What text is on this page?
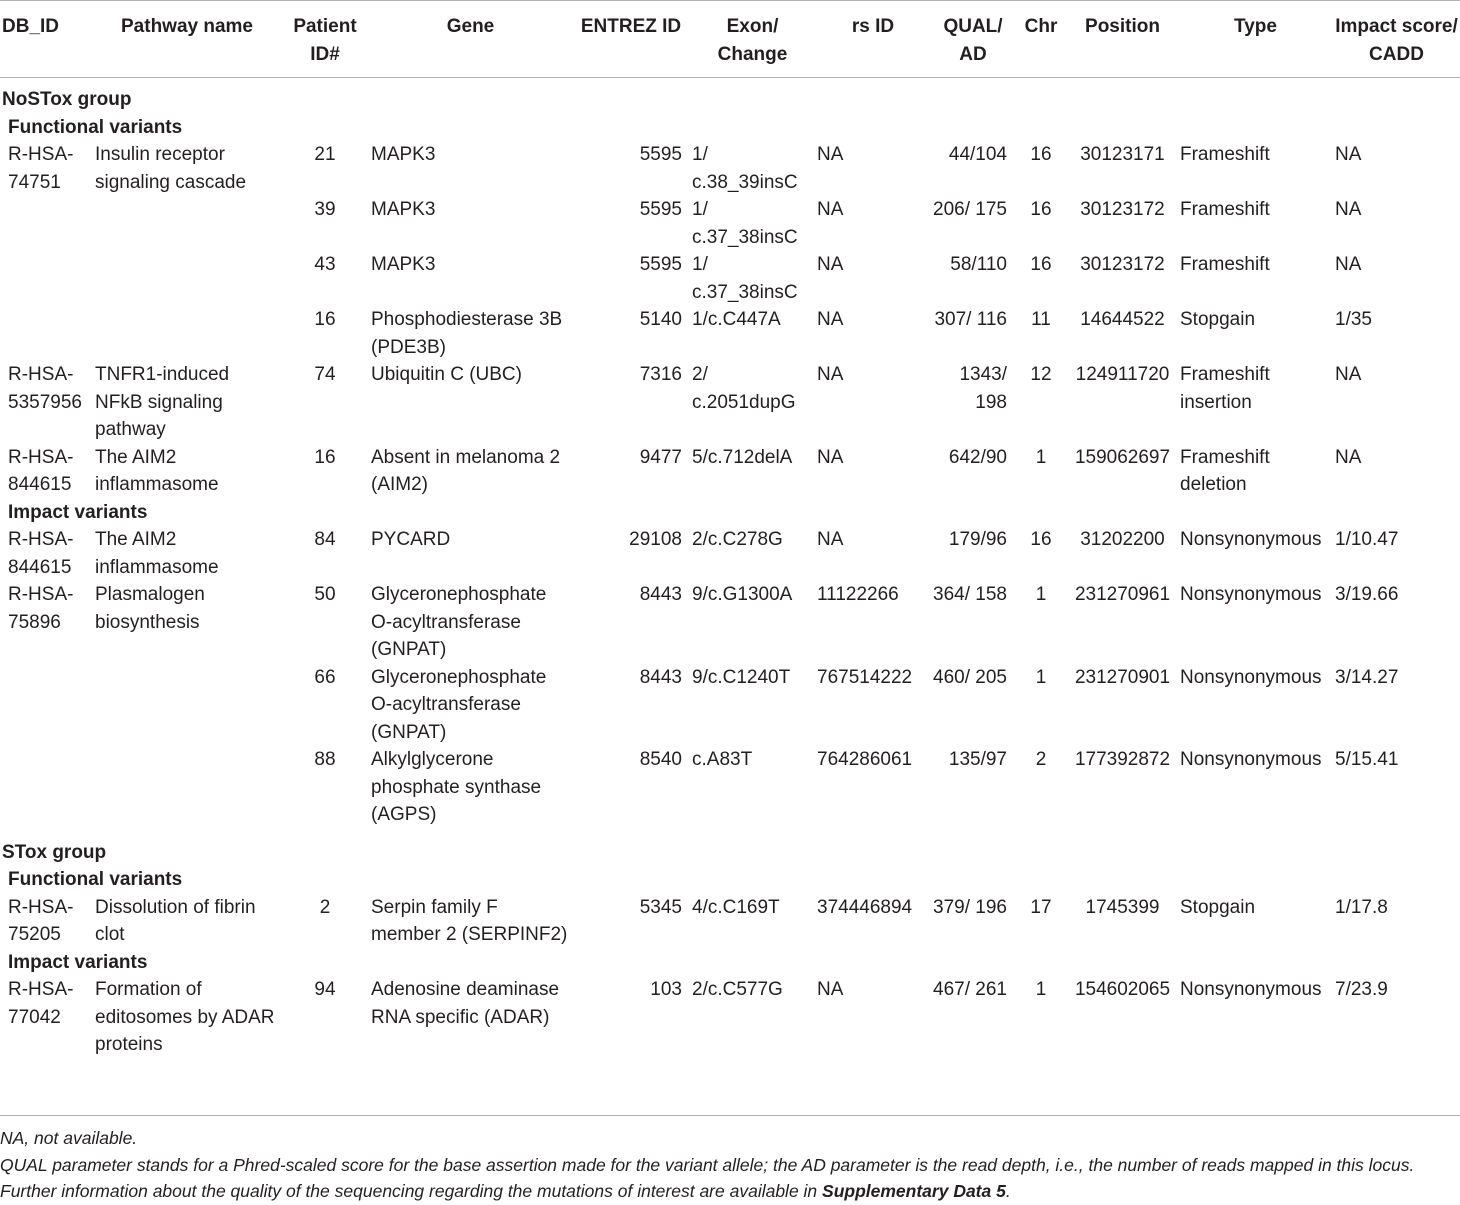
DB_ID	Pathway name	Patient ID#	Gene	ENTREZ ID	Exon/ Change	rs ID	QUAL/ AD	Chr	Position	Type	Impact score/ CADD
NoSTox group											
Functional variants											
R-HSA-74751	Insulin receptor signaling cascade	21	MAPK3	5595	1/ c.38_39insC	NA	44/104	16	30123171	Frameshift	NA
		39	MAPK3	5595	1/ c.37_38insC	NA	206/ 175	16	30123172	Frameshift	NA
		43	MAPK3	5595	1/ c.37_38insC	NA	58/110	16	30123172	Frameshift	NA
		16	Phosphodiesterase 3B (PDE3B)	5140	1/c.C447A	NA	307/ 116	11	14644522	Stopgain	1/35
R-HSA-5357956	TNFR1-induced NFkB signaling pathway	74	Ubiquitin C (UBC)	7316	2/ c.2051dupG	NA	1343/ 198	12	124911720	Frameshift insertion	NA
R-HSA-844615	The AIM2 inflammasome	16	Absent in melanoma 2 (AIM2)	9477	5/c.712delA	NA	642/90	1	159062697	Frameshift deletion	NA
Impact variants											
R-HSA-844615	The AIM2 inflammasome	84	PYCARD	29108	2/c.C278G	NA	179/96	16	31202200	Nonsynonymous	1/10.47
R-HSA-75896	Plasmalogen biosynthesis	50	Glyceronephosphate O-acyltransferase (GNPAT)	8443	9/c.G1300A	11122266	364/ 158	1	231270961	Nonsynonymous	3/19.66
		66	Glyceronephosphate O-acyltransferase (GNPAT)	8443	9/c.C1240T	767514222	460/ 205	1	231270901	Nonsynonymous	3/14.27
		88	Alkylglycerone phosphate synthase (AGPS)	8540	c.A83T	764286061	135/97	2	177392872	Nonsynonymous	5/15.41

STox group											
Functional variants											
R-HSA-75205	Dissolution of fibrin clot	2	Serpin family F member 2 (SERPINF2)	5345	4/c.C169T	374446894	379/ 196	17	1745399	Stopgain	1/17.8
Impact variants											
R-HSA-77042	Formation of editosomes by ADAR proteins	94	Adenosine deaminase RNA specific (ADAR)	103	2/c.C577G	NA	467/ 261	1	154602065	Nonsynonymous	7/23.9
NA, not available.
QUAL parameter stands for a Phred-scaled score for the base assertion made for the variant allele; the AD parameter is the read depth, i.e., the number of reads mapped in this locus.
Further information about the quality of the sequencing regarding the mutations of interest are available in Supplementary Data 5.
